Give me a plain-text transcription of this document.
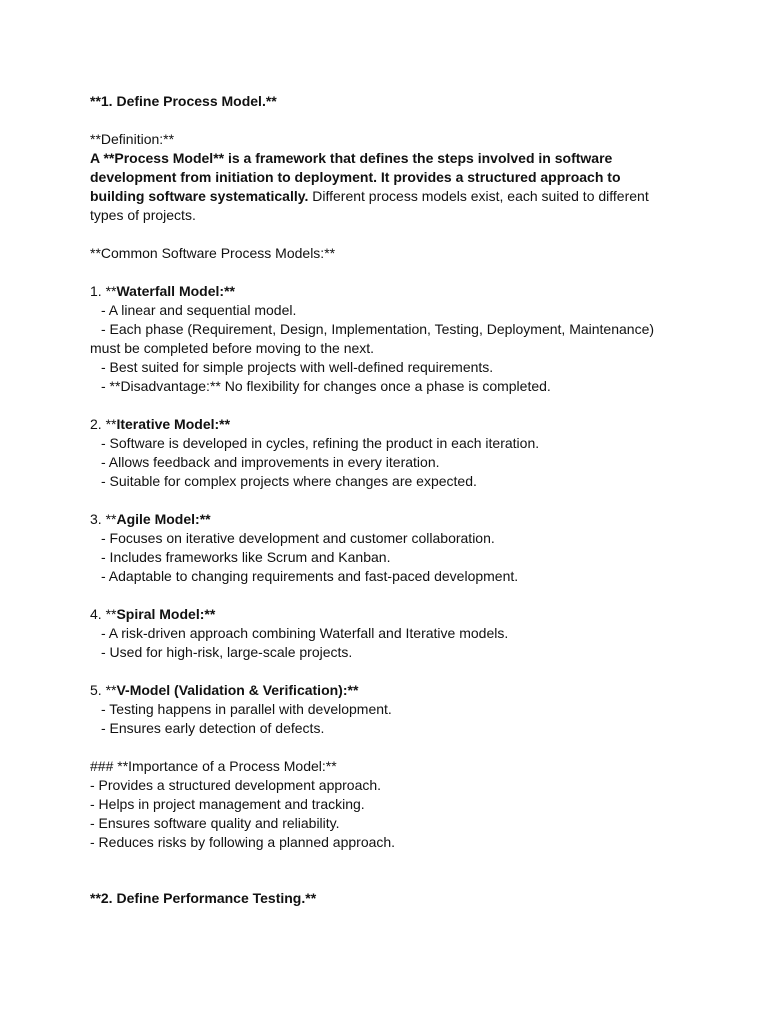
**1. Define Process Model.**
**Definition:**
A **Process Model** is a framework that defines the steps involved in software development from initiation to deployment. It provides a structured approach to building software systematically. Different process models exist, each suited to different types of projects.
**Common Software Process Models:**
1. **Waterfall Model:**
- A linear and sequential model.
- Each phase (Requirement, Design, Implementation, Testing, Deployment, Maintenance)
must be completed before moving to the next.
- Best suited for simple projects with well-defined requirements.
- **Disadvantage:** No flexibility for changes once a phase is completed.
2. **Iterative Model:**
- Software is developed in cycles, refining the product in each iteration.
- Allows feedback and improvements in every iteration.
- Suitable for complex projects where changes are expected.
3. **Agile Model:**
- Focuses on iterative development and customer collaboration.
- Includes frameworks like Scrum and Kanban.
- Adaptable to changing requirements and fast-paced development.
4. **Spiral Model:**
- A risk-driven approach combining Waterfall and Iterative models.
- Used for high-risk, large-scale projects.
5. **V-Model (Validation & Verification):**
- Testing happens in parallel with development.
- Ensures early detection of defects.
### **Importance of a Process Model:**
- Provides a structured development approach.
- Helps in project management and tracking.
- Ensures software quality and reliability.
- Reduces risks by following a planned approach.
**2. Define Performance Testing.**
